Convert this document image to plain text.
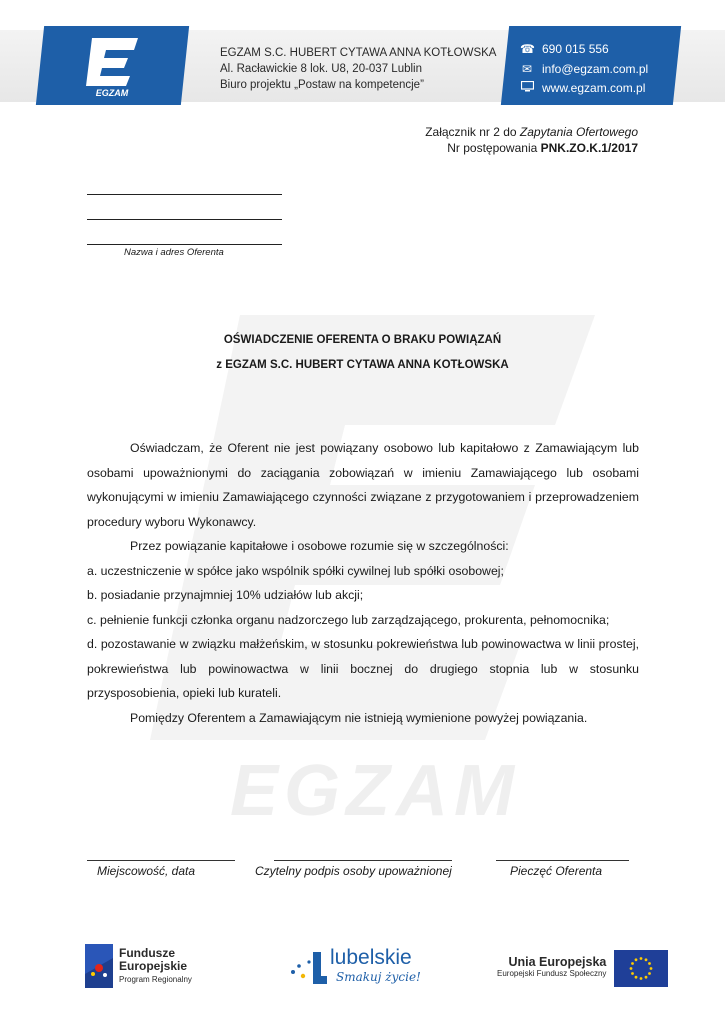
EGZAM
EGZAM S.C. HUBERT CYTAWA ANNA KOTŁOWSKA
Al. Racławickie 8 lok. U8, 20-037 Lublin
Biuro projektu „Postaw na kompetencje”
☎ 690 015 556
✉ info@egzam.com.pl
www.egzam.com.pl
Załącznik nr 2 do Zapytania Ofertowego
Nr postępowania PNK.ZO.K.1/2017
Nazwa i adres Oferenta
EGZAM
OŚWIADCZENIE OFERENTA O BRAKU POWIĄZAŃ
z EGZAM S.C. HUBERT CYTAWA ANNA KOTŁOWSKA

Oświadczam, że Oferent nie jest powiązany osobowo lub kapitałowo z Zamawiającym lub osobami upoważnionymi do zaciągania zobowiązań w imieniu Zamawiającego lub osobami wykonującymi w imieniu Zamawiającego czynności związane z przygotowaniem i przeprowadzeniem procedury wyboru Wykonawcy.

Przez powiązanie kapitałowe i osobowe rozumie się w szczególności:

a. uczestniczenie w spółce jako wspólnik spółki cywilnej lub spółki osobowej;

b. posiadanie przynajmniej 10% udziałów lub akcji;

c. pełnienie funkcji członka organu nadzorczego lub zarządzającego, prokurenta, pełnomocnika;

d. pozostawanie w związku małżeńskim, w stosunku pokrewieństwa lub powinowactwa w linii prostej, pokrewieństwa lub powinowactwa w linii bocznej do drugiego stopnia lub w stosunku przysposobienia, opieki lub kurateli.

Pomiędzy Oferentem a Zamawiającym nie istnieją wymienione powyżej powiązania.

Miejscowość, data	Czytelny podpis osoby upoważnionej	Pieczęć Oferenta
Fundusze
Europejskie
Program Regionalny
lubelskie
Smakuj życie!
Unia Europejska
Europejski Fundusz Społeczny
